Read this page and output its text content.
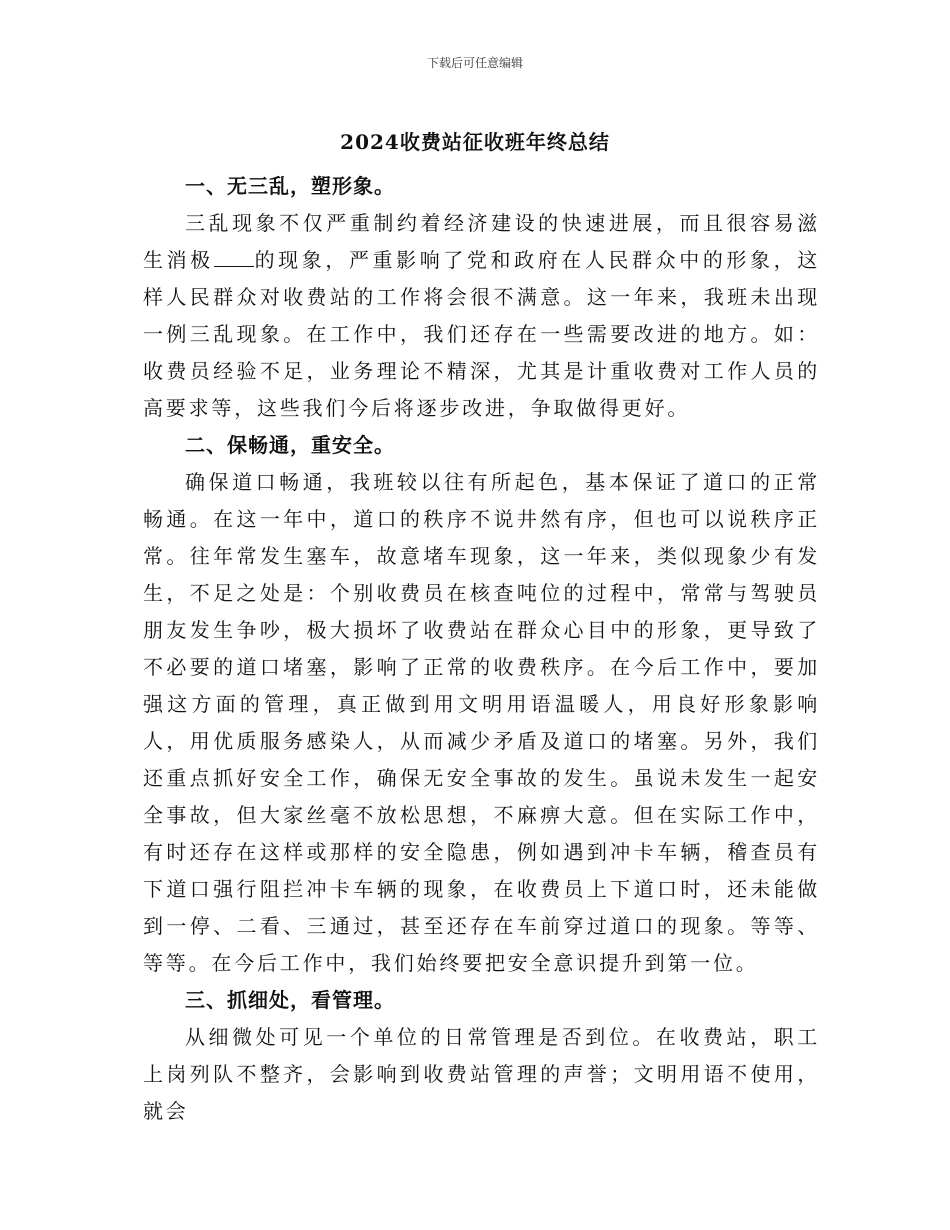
下载后可任意编辑
2024收费站征收班年终总结

一、无三乱，塑形象。

三乱现象不仅严重制约着经济建设的快速进展，而且很容易滋生消极 的现象，严重影响了党和政府在人民群众中的形象，这样人民群众对收费站的工作将会很不满意。这一年来，我班未出现一例三乱现象。在工作中，我们还存在一些需要改进的地方。如：收费员经验不足，业务理论不精深，尤其是计重收费对工作人员的高要求等，这些我们今后将逐步改进，争取做得更好。

二、保畅通，重安全。

确保道口畅通，我班较以往有所起色，基本保证了道口的正常畅通。在这一年中，道口的秩序不说井然有序，但也可以说秩序正常。往年常发生塞车，故意堵车现象，这一年来，类似现象少有发生，不足之处是：个别收费员在核查吨位的过程中，常常与驾驶员朋友发生争吵，极大损坏了收费站在群众心目中的形象，更导致了不必要的道口堵塞，影响了正常的收费秩序。在今后工作中，要加强这方面的管理，真正做到用文明用语温暖人，用良好形象影响人，用优质服务感染人，从而减少矛盾及道口的堵塞。另外，我们还重点抓好安全工作，确保无安全事故的发生。虽说未发生一起安全事故，但大家丝毫不放松思想，不麻痹大意。但在实际工作中，有时还存在这样或那样的安全隐患，例如遇到冲卡车辆，稽查员有下道口强行阻拦冲卡车辆的现象，在收费员上下道口时，还未能做到一停、二看、三通过，甚至还存在车前穿过道口的现象。等等、等等。在今后工作中，我们始终要把安全意识提升到第一位。

三、抓细处，看管理。

从细微处可见一个单位的日常管理是否到位。在收费站，职工上岗列队不整齐，会影响到收费站管理的声誉；文明用语不使用，就会
